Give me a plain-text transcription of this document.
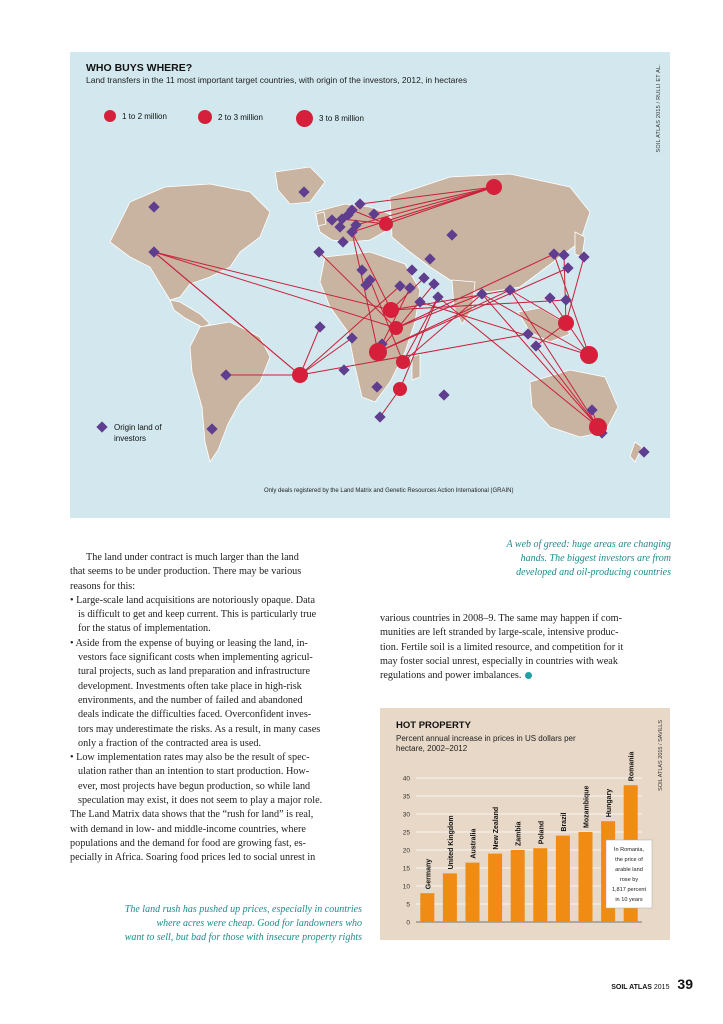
WHO BUYS WHERE?
Land transfers in the 11 most important target countries, with origin of the investors, 2012, in hectares	SOIL ATLAS 2015 / RULLI ET AL.
1 to 2 million	2 to 3 million	3 to 8 million
Origin land of
investors
Only deals registered by the Land Matrix and Genetic Resources Action International (GRAIN)
A web of greed: huge areas are changing
hands. The biggest investors are from
developed and oil-producing countries

The land under contract is much larger than the land

that seems to be under production. There may be various

reasons for this:

• Large-scale land acquisitions are notoriously opaque. Data

is difficult to get and keep current. This is particularly true

for the status of implementation.

• Aside from the expense of buying or leasing the land, in-

vestors face significant costs when implementing agricul-

tural projects, such as land preparation and infrastructure

development. Investments often take place in high-risk

environments, and the number of failed and abandoned

deals indicate the difficulties faced. Overconfident inves-

tors may underestimate the risks. As a result, in many cases

only a fraction of the contracted area is used.

• Low implementation rates may also be the result of spec-

ulation rather than an intention to start production. How-

ever, most projects have begun production, so while land

speculation may exist, it does not seem to play a major role.

The Land Matrix data shows that the “rush for land” is real,

with demand in low- and middle-income countries, where

populations and the demand for food are growing fast, es-

pecially in Africa. Soaring food prices led to social unrest in

various countries in 2008–9. The same may happen if com-

munities are left stranded by large-scale, intensive produc-

tion. Fertile soil is a limited resource, and competition for it

may foster social unrest, especially in countries with weak

regulations and power imbalances.

The land rush has pushed up prices, especially in countries
where acres were cheap. Good for landowners who
want to sell, but bad for those with insecure property rights
HOT PROPERTY
Percent annual increase in prices in US dollars per hectare, 2002–2012	SOIL ATLAS 2015 / SAVILLS
0
5
10
15
20
25
30
35
40
Germany
United Kingdom Australia New Zealand Zambia Poland Brazil Mozambique Hungary
Romania
In Romania,
the price of
arable land
rose by
1,817 percent
in 10 years
SOIL ATLAS 2015 39
